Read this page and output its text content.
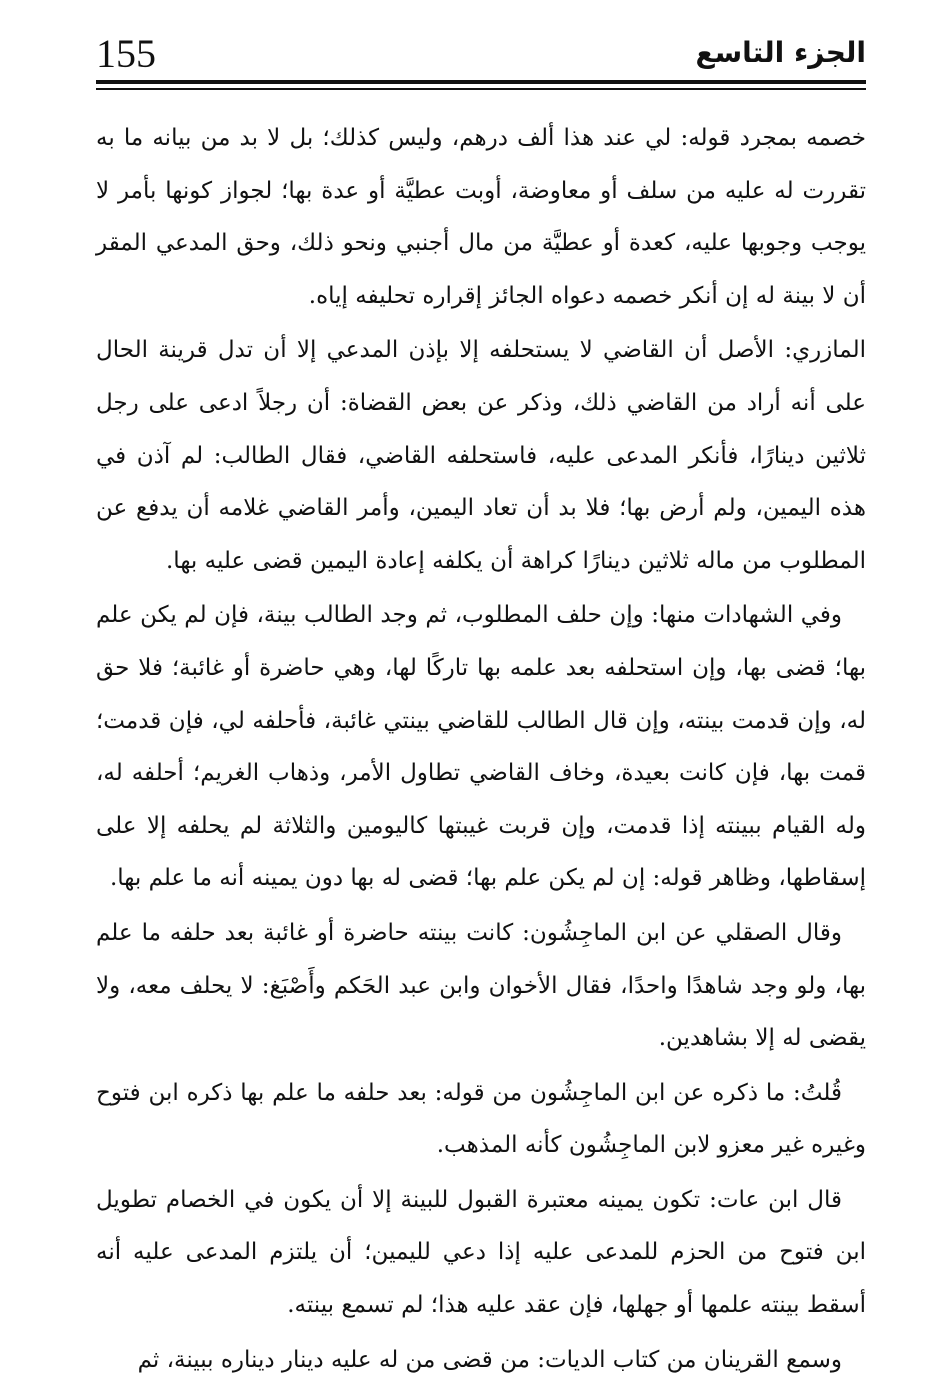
155	الجزء التاسع

خصمه بمجرد قوله: لي عند هذا ألف درهم، وليس كذلك؛ بل لا بد من بيانه ما به تقررت له عليه من سلف أو معاوضة، أوبت عطيَّة أو عدة بها؛ لجواز كونها بأمر لا يوجب وجوبها عليه، كعدة أو عطيَّة من مال أجنبي ونحو ذلك، وحق المدعي المقر أن لا بينة له إن أنكر خصمه دعواه الجائز إقراره تحليفه إياه.

المازري: الأصل أن القاضي لا يستحلفه إلا بإذن المدعي إلا أن تدل قرينة الحال على أنه أراد من القاضي ذلك، وذكر عن بعض القضاة: أن رجلاً ادعى على رجل ثلاثين دينارًا، فأنكر المدعى عليه، فاستحلفه القاضي، فقال الطالب: لم آذن في هذه اليمين، ولم أرض بها؛ فلا بد أن تعاد اليمين، وأمر القاضي غلامه أن يدفع عن المطلوب من ماله ثلاثين دينارًا كراهة أن يكلفه إعادة اليمين قضى عليه بها.

وفي الشهادات منها: وإن حلف المطلوب، ثم وجد الطالب بينة، فإن لم يكن علم بها؛ قضى بها، وإن استحلفه بعد علمه بها تاركًا لها، وهي حاضرة أو غائبة؛ فلا حق له، وإن قدمت بينته، وإن قال الطالب للقاضي بينتي غائبة، فأحلفه لي، فإن قدمت؛ قمت بها، فإن كانت بعيدة، وخاف القاضي تطاول الأمر، وذهاب الغريم؛ أحلفه له، وله القيام ببينته إذا قدمت، وإن قربت غيبتها كاليومين والثلاثة لم يحلفه إلا على إسقاطها، وظاهر قوله: إن لم يكن علم بها؛ قضى له بها دون يمينه أنه ما علم بها.

وقال الصقلي عن ابن الماجِشُون: كانت بينته حاضرة أو غائبة بعد حلفه ما علم بها، ولو وجد شاهدًا واحدًا، فقال الأخوان وابن عبد الحَكم وأَصْبَغ: لا يحلف معه، ولا يقضى له إلا بشاهدين.

قُلتُ: ما ذكره عن ابن الماجِشُون من قوله: بعد حلفه ما علم بها ذكره ابن فتوح وغيره غير معزو لابن الماجِشُون كأنه المذهب.

قال ابن عات: تكون يمينه معتبرة القبول للبينة إلا أن يكون في الخصام تطويل ابن فتوح من الحزم للمدعى عليه إذا دعي لليمين؛ أن يلتزم المدعى عليه أنه أسقط بينته علمها أو جهلها، فإن عقد عليه هذا؛ لم تسمع بينته.

وسمع القرينان من كتاب الديات: من قضى من له عليه دينار ديناره ببينة، ثم
